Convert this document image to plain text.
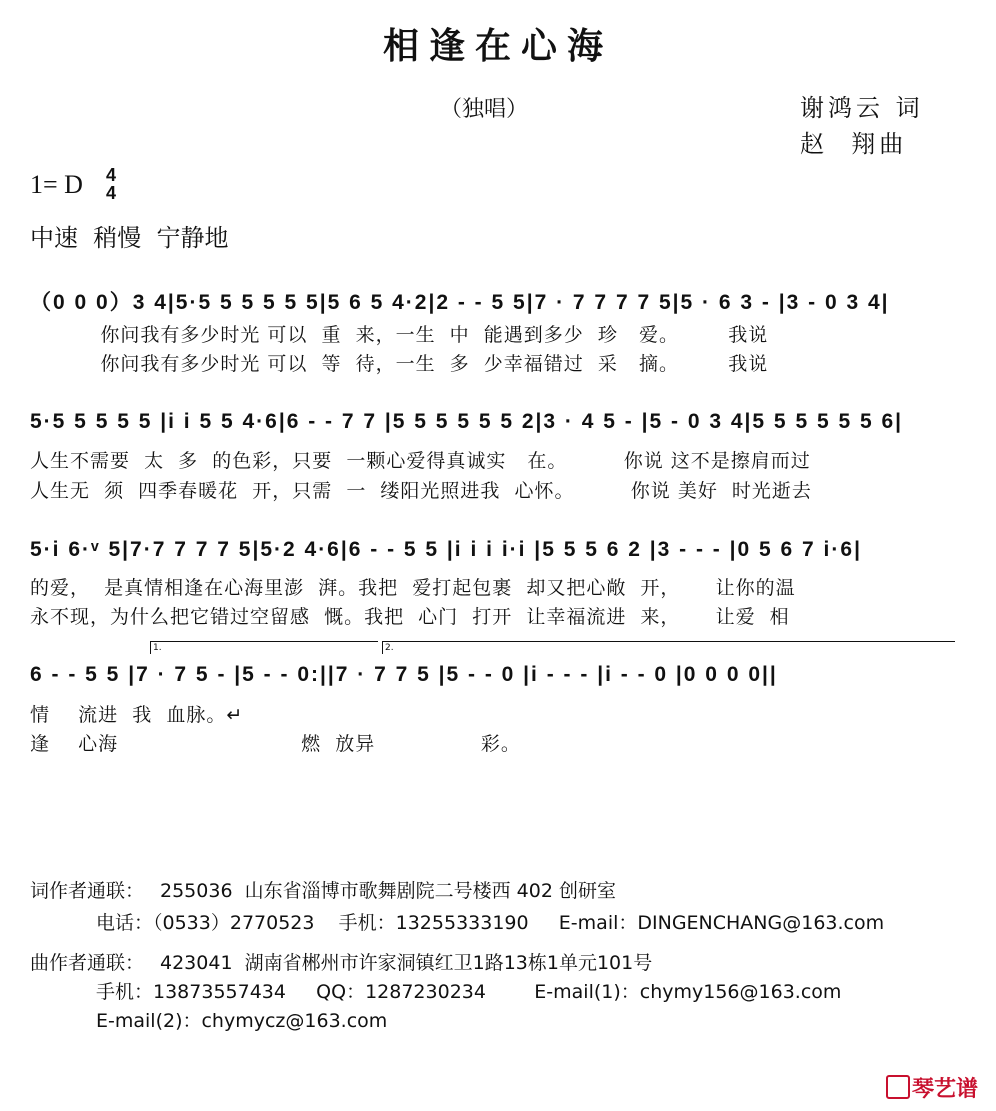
相逢在心海
（独唱）	谢鸿云 词
赵  翔曲
1= D 4
4
中速  稍慢  宁静地
（0 0 0）3 4|5·5 5 5 5 5 5|5 6 5 4·2|2 - - 5 5|7 · 7 7 7 7 5|5 · 6 3 - |3 - 0 3 4|
你问我有多少时光 可以  重  来，一生  中  能遇到多少  珍   爱。       我说
你问我有多少时光 可以  等  待，一生  多  少幸福错过  采   摘。       我说
5·5 5 5 5 5 |i i 5 5 4·6|6 - - 7 7 |5 5 5 5 5 5 2|3 · 4 5 - |5 - 0 3 4|5 5 5 5 5 5 6|
人生不需要  太  多  的色彩，只要  一颗心爱得真诚实   在。        你说 这不是擦肩而过
人生无  须  四季春暖花  开，只需  一  缕阳光照进我  心怀。        你说 美好  时光逝去
5·i 6·ᵛ 5|7·7 7 7 7 5|5·2 4·6|6 - - 5 5 |i i i i·i |5 5 5 6 2 |3 - - - |0 5 6 7 i·6|
的爱，  是真情相逢在心海里澎  湃。我把  爱打起包裹  却又把心敞  开，     让你的温
永不现，为什么把它错过空留感  慨。我把  心门  打开  让幸福流进  来，     让爱  相
1.	2.
6 - - 5 5 |7 · 7 5 - |5 - - 0:||7 · 7 7 5 |5 - - 0 |i - - - |i - - 0 |0 0 0 0||
情    流进  我  血脉。↵
逢    心海                          燃  放异               彩。
词作者通联： 255036  山东省淄博市歌舞剧院二号楼西 402 创研室
电话：（0533）2770523    手机：13255333190     E-mail：DINGENCHANG@163.com
曲作者通联： 423041  湖南省郴州市许家洞镇红卫1路13栋1单元101号
手机：13873557434     QQ：1287230234        E-mail(1)：chymy156@163.com
E-mail(2)：chymycz@163.com
琴艺谱
